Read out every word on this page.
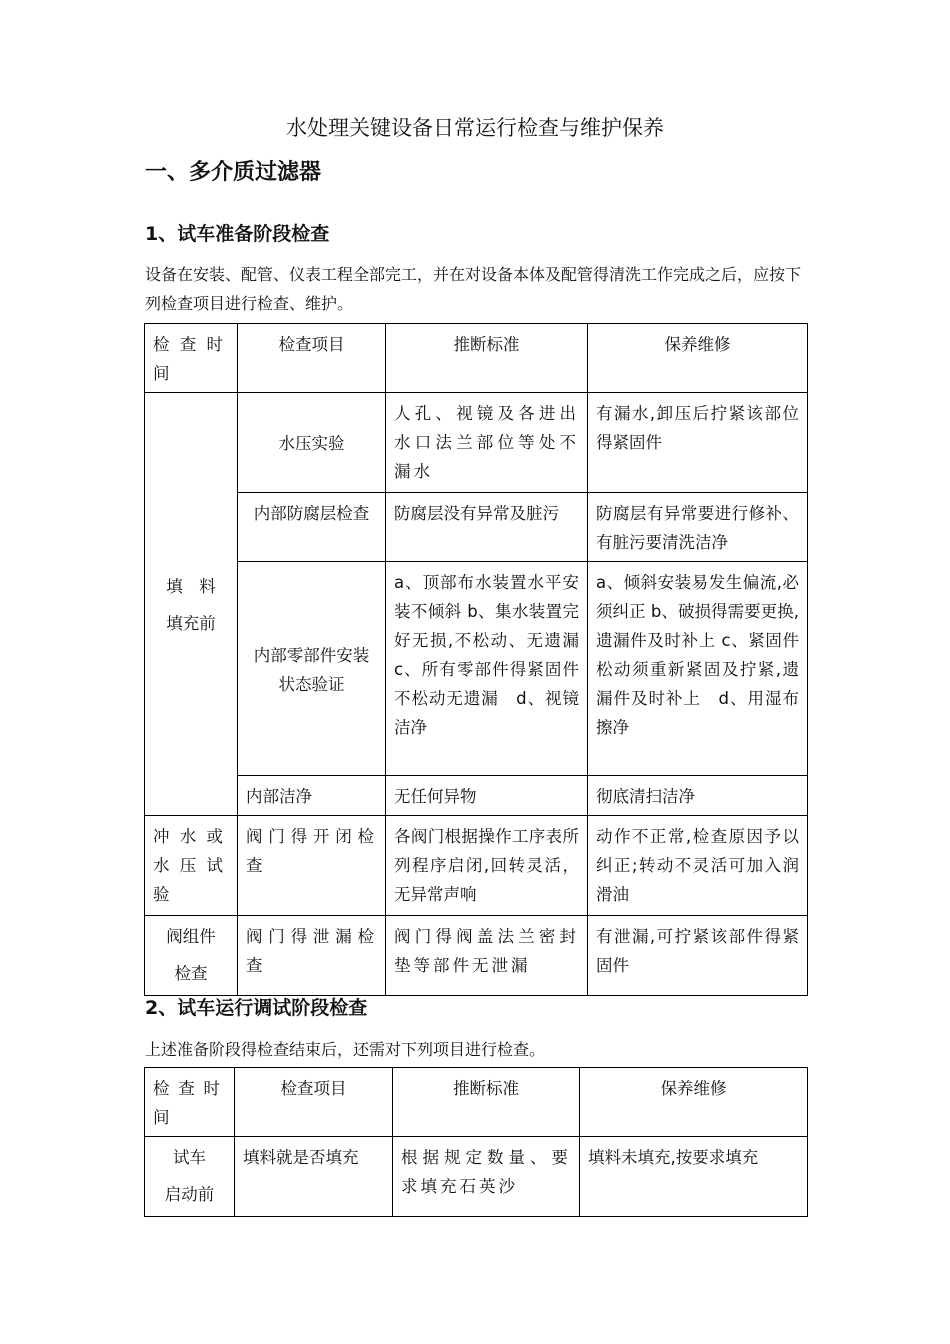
水处理关键设备日常运行检查与维护保养
一、多介质过滤器
1、试车准备阶段检查
设备在安装、配管、仪表工程全部完工，并在对设备本体及配管得清洗工作完成之后，应按下列检查项目进行检查、维护。
检查时间	检查项目	推断标准	保养维修

填　料
填充前	水压实验	人孔、视镜及各进出水口法兰部位等处不漏水	有漏水,卸压后拧紧该部位得紧固件
	内部防腐层检查	防腐层没有异常及脏污	防腐层有异常要进行修补、有脏污要清洗洁净
	内部零部件安装状态验证	a、顶部布水装置水平安装不倾斜 b、集水装置完好无损,不松动、无遗漏 c、所有零部件得紧固件不松动无遗漏　d、视镜洁净	a、倾斜安装易发生偏流,必须纠正 b、破损得需要更换,遗漏件及时补上 c、紧固件松动须重新紧固及拧紧,遗漏件及时补上　d、用湿布擦净
	内部洁净	无任何异物	彻底清扫洁净
冲水或水压试验	阀门得开闭检查	各阀门根据操作工序表所列程序启闭,回转灵活，无异常声响	动作不正常,检查原因予以纠正;转动不灵活可加入润滑油

阀组件
检查	阀门得泄漏检查	阀门得阀盖法兰密封垫等部件无泄漏	有泄漏,可拧紧该部件得紧固件
2、试车运行调试阶段检查
上述准备阶段得检查结束后，还需对下列项目进行检查。
检查时间	检查项目	推断标准	保养维修

试车
启动前	填料就是否填充	根据规定数量、要求填充石英沙	填料未填充,按要求填充
